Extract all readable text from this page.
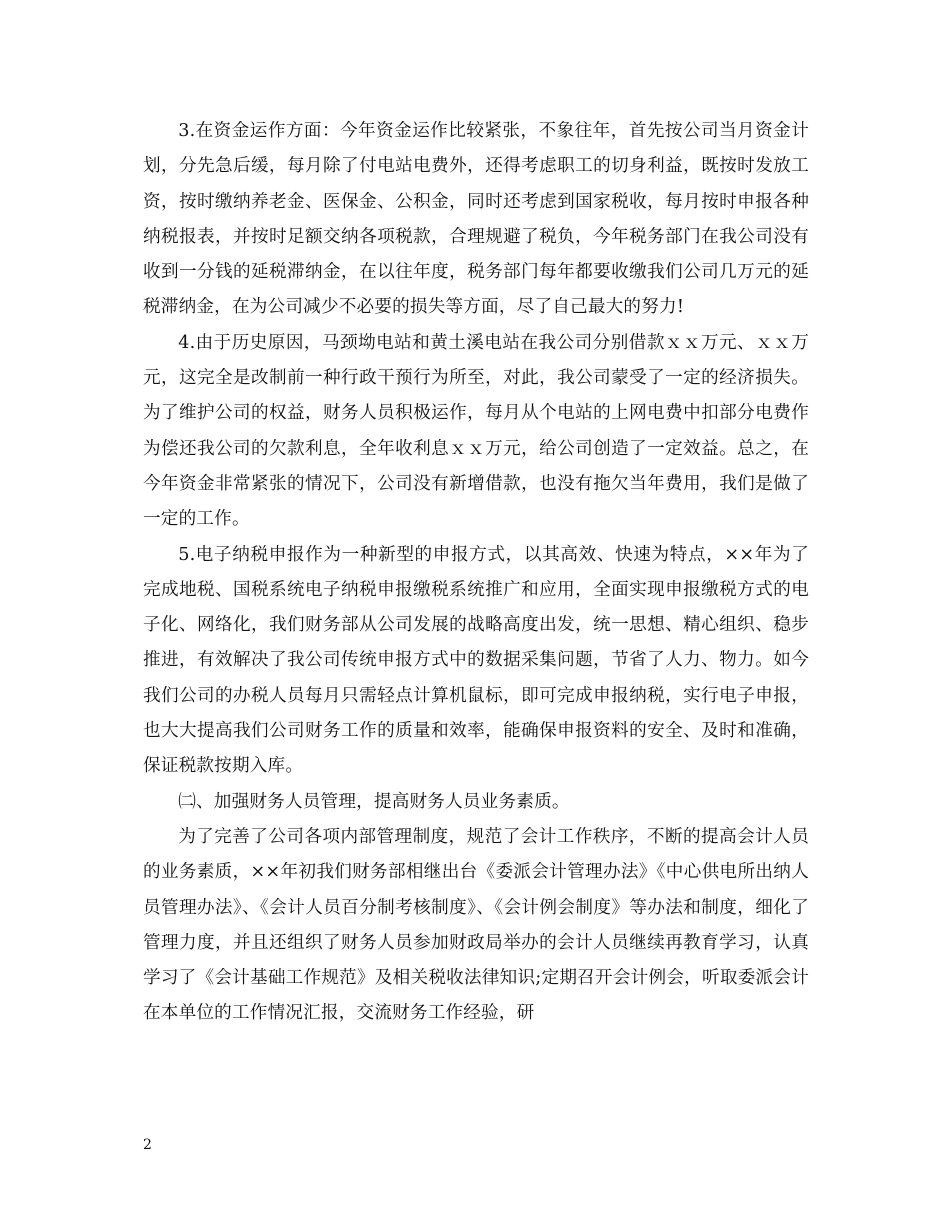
3.在资金运作方面：今年资金运作比较紧张，不象往年，首先按公司当月资金计划，分先急后缓，每月除了付电站电费外，还得考虑职工的切身利益，既按时发放工资，按时缴纳养老金、医保金、公积金，同时还考虑到国家税收，每月按时申报各种纳税报表，并按时足额交纳各项税款，合理规避了税负，今年税务部门在我公司没有收到一分钱的延税滞纳金，在以往年度，税务部门每年都要收缴我们公司几万元的延税滞纳金，在为公司减少不必要的损失等方面，尽了自己最大的努力!

4.由于历史原因，马颈坳电站和黄土溪电站在我公司分别借款ｘｘ万元、ｘｘ万元，这完全是改制前一种行政干预行为所至，对此，我公司蒙受了一定的经济损失。为了维护公司的权益，财务人员积极运作，每月从个电站的上网电费中扣部分电费作为偿还我公司的欠款利息，全年收利息ｘｘ万元，给公司创造了一定效益。总之，在今年资金非常紧张的情况下，公司没有新增借款，也没有拖欠当年费用，我们是做了一定的工作。

5.电子纳税申报作为一种新型的申报方式，以其高效、快速为特点，××年为了完成地税、国税系统电子纳税申报缴税系统推广和应用，全面实现申报缴税方式的电子化、网络化，我们财务部从公司发展的战略高度出发，统一思想、精心组织、稳步推进，有效解决了我公司传统申报方式中的数据采集问题，节省了人力、物力。如今我们公司的办税人员每月只需轻点计算机鼠标，即可完成申报纳税，实行电子申报，也大大提高我们公司财务工作的质量和效率，能确保申报资料的安全、及时和准确，保证税款按期入库。

㈡、加强财务人员管理，提高财务人员业务素质。

为了完善了公司各项内部管理制度，规范了会计工作秩序，不断的提高会计人员的业务素质，××年初我们财务部相继出台《委派会计管理办法》《中心供电所出纳人员管理办法》、《会计人员百分制考核制度》、《会计例会制度》等办法和制度，细化了管理力度，并且还组织了财务人员参加财政局举办的会计人员继续再教育学习，认真学习了《会计基础工作规范》及相关税收法律知识;定期召开会计例会，听取委派会计在本单位的工作情况汇报，交流财务工作经验，研

2
